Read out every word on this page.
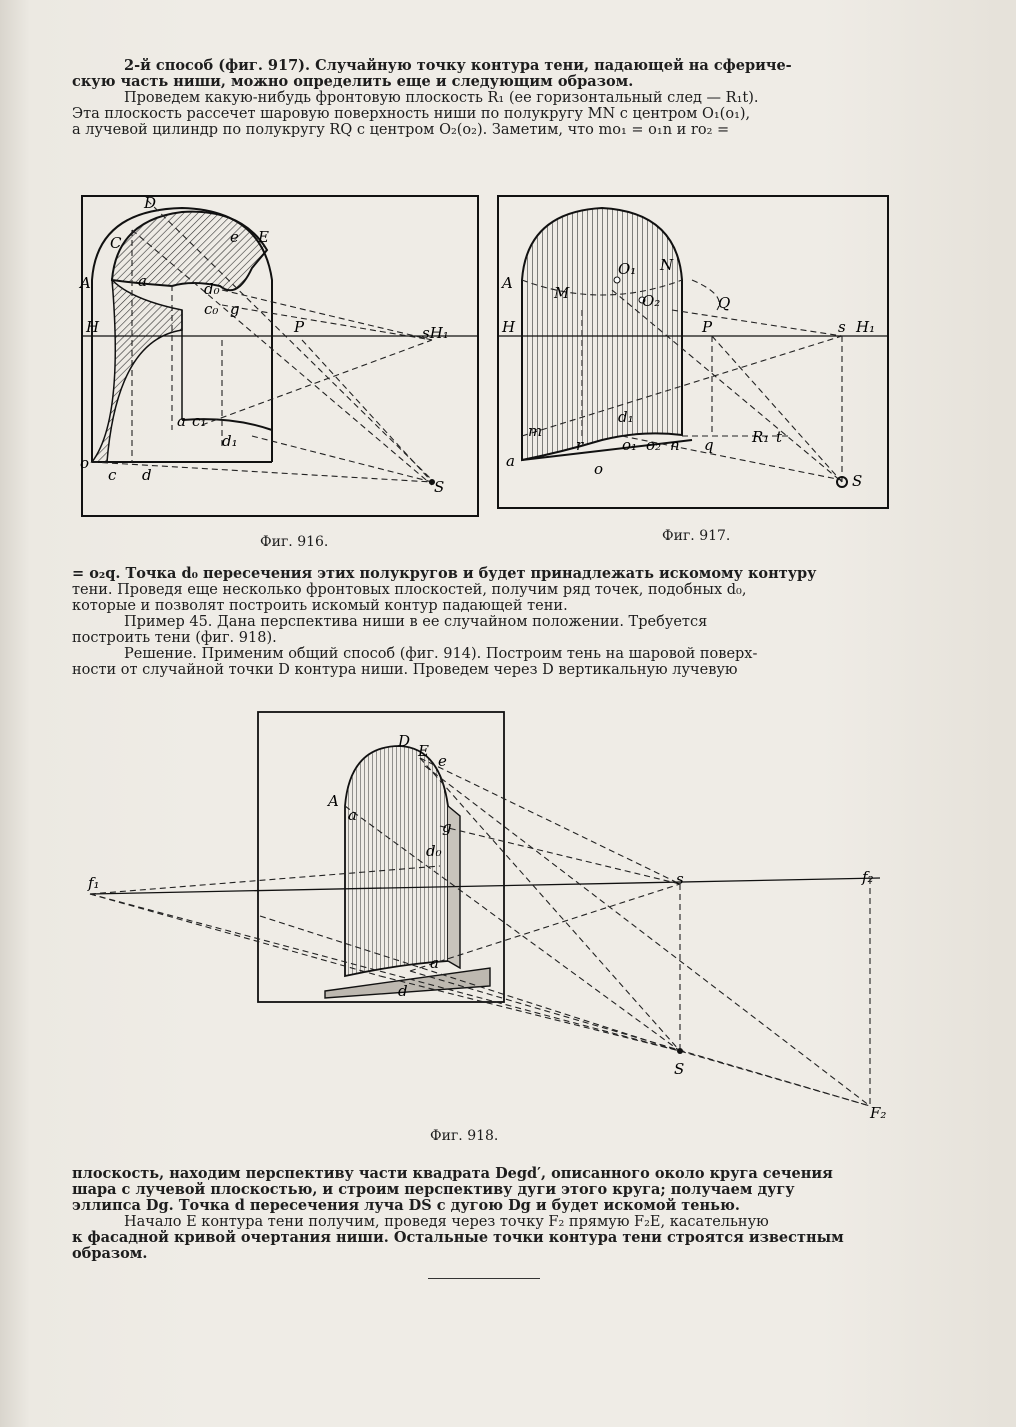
2-й способ (фиг. 917). Случайную точку контура тени, падающей на сфериче-
скую часть ниши, можно определить еще и следующим образом.
Проведем какую-нибудь фронтовую плоскость R₁ (ее горизонтальный след — R₁t).
Эта плоскость рассечет шаровую поверхность ниши по полукругу MN с центром O₁(o₁),
а лучевой цилиндр по полукругу RQ с центром O₂(o₂). Заметим, что mo₁ = o₁n и ro₂ =
D
C	E
e
A	a	d₀
c₀ g
H	P	sH₁
a c₁
d₁
o
c d
S
Фиг. 916.
A
O₁ N
M	O₂	Q
H	P	s H₁
d₁
m
r	o₁ o₂ n q	R₁ t
a	o
S
Фиг. 917.
= o₂q. Точка d₀ пересечения этих полукругов и будет принадлежать искомому контуру
тени. Проведя еще несколько фронтовых плоскостей, получим ряд точек, подобных d₀,
которые и позволят построить искомый контур падающей тени.
Пример 45. Дана перспектива ниши в ее случайном положении. Требуется
построить тени (фиг. 918).
Решение. Применим общий способ (фиг. 914). Построим тень на шаровой поверх-
ности от случайной точки D контура ниши. Проведем через D вертикальную лучевую
D
E
e
A
a
g
d₀
f₁	s	f₂
d
a
S
F₂
Фиг. 918.
плоскость, находим перспективу части квадрата Degd′, описанного около круга сечения
шара с лучевой плоскостью, и строим перспективу дуги этого круга; получаем дугу
эллипса Dg. Точка d пересечения луча DS с дугою Dg и будет искомой тенью.
Начало E контура тени получим, проведя через точку F₂ прямую F₂E, касательную
к фасадной кривой очертания ниши. Остальные точки контура тени строятся известным
образом.
